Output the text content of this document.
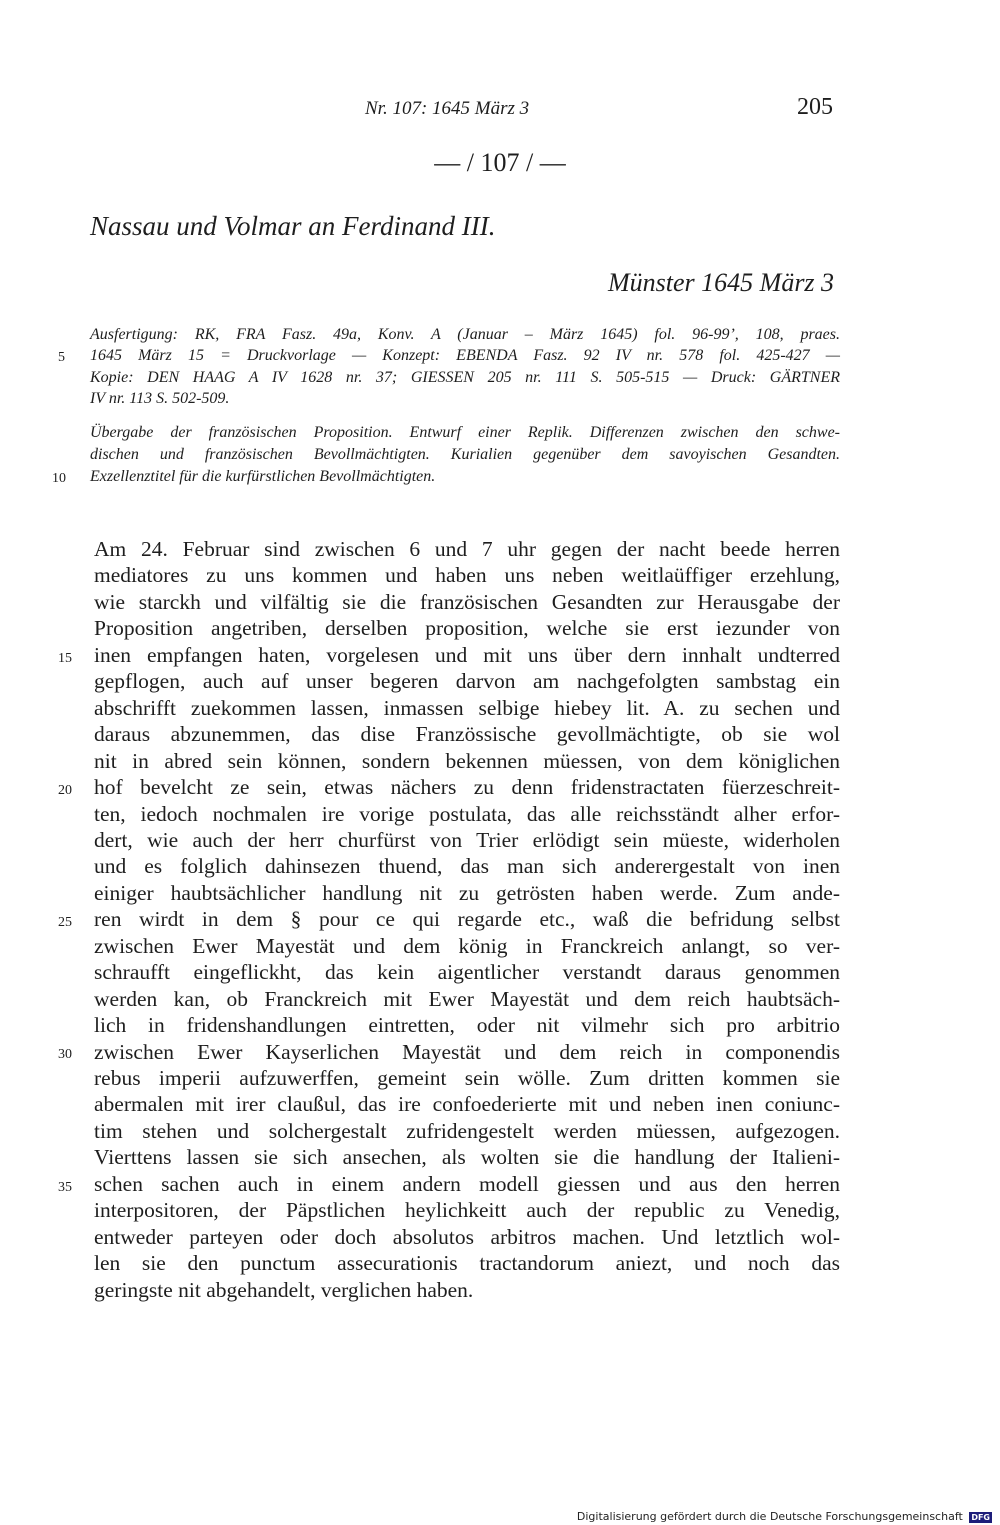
Nr. 107: 1645 März 3	205
— / 107 / —
Nassau und Volmar an Ferdinand III.
Münster 1645 März 3
Ausfertigung: RK, FRA Fasz. 49a, Konv. A (Januar – März 1645) fol. 96-99’, 108, praes.
1645 März 15 = Druckvorlage — Konzept: EBENDA Fasz. 92 IV nr. 578 fol. 425-427 —
Kopie: DEN HAAG A IV 1628 nr. 37; GIESSEN 205 nr. 111 S. 505-515 — Druck: GÄRTNER
IV nr. 113 S. 502-509.
Übergabe der französischen Proposition. Entwurf einer Replik. Differenzen zwischen den schwe-
dischen und französischen Bevollmächtigten. Kurialien gegenüber dem savoyischen Gesandten.
Exzellenztitel für die kurfürstlichen Bevollmächtigten.
5
10
15
20
25
30
35
Am 24. Februar sind zwischen 6 und 7 uhr gegen der nacht beede herren
mediatores zu uns kommen und haben uns neben weitlaüffiger erzehlung,
wie starckh und vilfältig sie die französischen Gesandten zur Herausgabe der
Proposition angetriben, derselben proposition, welche sie erst iezunder von
inen empfangen haten, vorgelesen und mit uns über dern innhalt undterred
gepflogen, auch auf unser begeren darvon am nachgefolgten sambstag ein
abschrifft zuekommen lassen, inmassen selbige hiebey lit. A. zu sechen und
daraus abzunemmen, das dise Französsische gevollmächtigte, ob sie wol
nit in abred sein können, sondern bekennen müessen, von dem königlichen
hof bevelcht ze sein, etwas nächers zu denn fridenstractaten füerzeschreit-
ten, iedoch nochmalen ire vorige postulata, das alle reichsständt alher erfor-
dert, wie auch der herr churfürst von Trier erlödigt sein müeste, widerholen
und es folglich dahinsezen thuend, das man sich anderergestalt von inen
einiger haubtsächlicher handlung nit zu getrösten haben werde. Zum ande-
ren wirdt in dem § pour ce qui regarde etc., waß die befridung selbst
zwischen Ewer Mayestät und dem könig in Franckreich anlangt, so ver-
schraufft eingeflickht, das kein aigentlicher verstandt daraus genommen
werden kan, ob Franckreich mit Ewer Mayestät und dem reich haubtsäch-
lich in fridenshandlungen eintretten, oder nit vilmehr sich pro arbitrio
zwischen Ewer Kayserlichen Mayestät und dem reich in componendis
rebus imperii aufzuwerffen, gemeint sein wölle. Zum dritten kommen sie
abermalen mit irer claußul, das ire confoederierte mit und neben inen coniunc-
tim stehen und solchergestalt zufridengestelt werden müessen, aufgezogen.
Vierttens lassen sie sich ansechen, als wolten sie die handlung der Italieni-
schen sachen auch in einem andern modell giessen und aus den herren
interpositoren, der Päpstlichen heylichkeitt auch der republic zu Venedig,
entweder parteyen oder doch absolutos arbitros machen. Und letztlich wol-
len sie den punctum assecurationis tractandorum aniezt, und noch das
geringste nit abgehandelt, verglichen haben.
Digitalisierung gefördert durch die Deutsche Forschungsgemeinschaft DFG
